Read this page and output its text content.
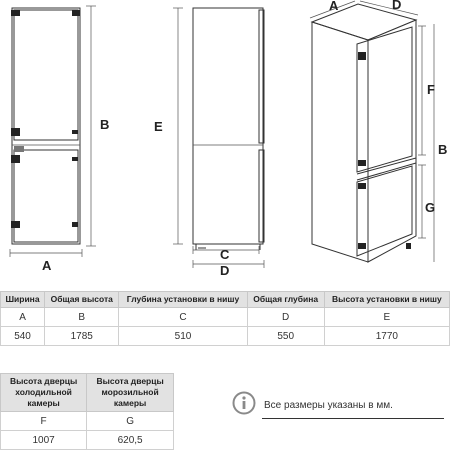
B
A
E
C
D
A	D
F
B
G
Ширина	Общая высота	Глубина установки в нишу	Общая глубина	Высота установки в нишу
A	B	C	D	E
540	1785	510	550	1770
Высота дверцы холодильной камеры	Высота дверцы морозильной камеры
F	G
1007	620,5
Все размеры указаны в мм.
